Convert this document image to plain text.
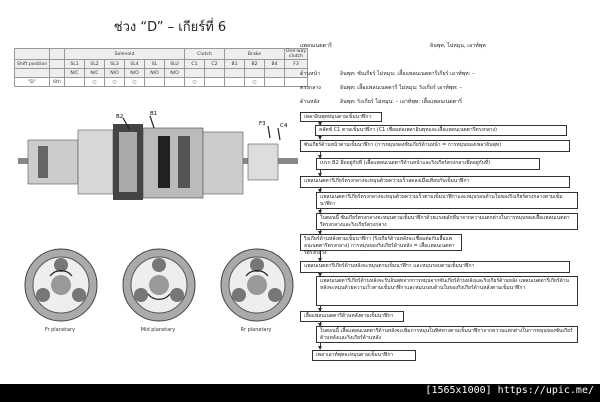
ช่วง “D” – เกียร์ที่ 6
		Solenoid						Clutch		Brake			One-way clutch
Shift position		SL1	SL2	SL3	SL4	SL	SLU	C1	C2	B1	B2	B4	F3
		N/C	N/C	N/O	N/O	N/O	N/O						
“D”	6th		○	○	○			○			○		
B2	B1
F3	C4
Fr planetary	Mid planetary	Rr planetary
แพลนเนตตารี	อินพุท, ไม่หมุน, เอาท์พุท
ด้านหน้า	อินพุท: ซันเกียร์ ไม่หมุน: เสื้อแพลนเนตตารีเกียร์ เอาท์พุท: –
ตรงกลาง	อินพุท: เสื้อแพลนเนตตารี ไม่หมุน: ริงเกียร์ เอาท์พุท: –
ด้านหลัง	อินพุท: ริงเกียร์ ไม่หมุน: – เอาท์พุท: เสื้อแพลนเนตตารี
เพลาอินพุทหมุนตามเข็มนาฬิกา
คลัตช์ C1 ตามเข็มนาฬิกา (C1 เชื่อมต่อเพลาอินพุทและเสื้อแพลนเนตตารีตรงกลาง)
ซันเกียร์ด้านหน้าตามเข็มนาฬิกา (การหมุนของซันเกียร์ด้านหน้า = การหมุนของเพลาอินพุท)
เบรก B2 ยึดอยู่กับที่ (เสื้อแพลนเนตตารีด้านหน้าและริงเกียร์ตรงกลางยึดอยู่กับที่)
แพลนเนตตารีเกียร์ตรงกลางจะหมุนด้วยความเร็วลดลงเมื่อเทียบกับเข็มนาฬิกา
แพลนเนตตารีเกียร์ตรงกลางจะหมุนด้วยความเร็วตามเข็มนาฬิกาและหมุนรอบด้านในของริงเกียร์ตรงกลางตามเข็มนาฬิกา
ในตอนนี้ ซันเกียร์ตรงกลางจะหมุนตามเข็มนาฬิกาด้วยแรงผลักที่มาจากความแตกต่างในการหมุนของเสื้อแพลนเนตตารีตรงกลางและริงเกียร์ตรงกลาง
ริงเกียร์ด้านหลังตามเข็มนาฬิกา (ริงเกียร์ด้านหลังจะเชื่อมต่อกับเสื้อแพลนเนตตารีตรงกลาง) การหมุนของริงเกียร์ด้านหลัง = เสื้อแพลนเนตตารีตรงกลาง
แพลนเนตตารีเกียร์ด้านหลังจะหมุนตามเข็มนาฬิกา และหมุนรอบตามเข็มนาฬิกา
แพลนเนตตารีเกียร์ด้านหลังจะรับอินพุทจากการหมุนจากซันเกียร์ด้านหลังและริงเกียร์ด้านหลัง แพลนเนตตารีเกียร์ด้านหลังจะหมุนด้วยความเร็วตามเข็มนาฬิกาและหมุนรอบด้านในของริงเกียร์ด้านหลังตามเข็มนาฬิกา
เสื้อแพลนเนตตารีด้านหลังตามเข็มนาฬิกา
ในตอนนี้ เสื้อแพลนเนตตารีด้านหลังจะเพิ่มการหมุนในทิศทางตามเข็มนาฬิกาจากความแตกต่างในการหมุนของซันเกียร์ด้านหลังและริงเกียร์ด้านหลัง
เพลาเอาท์พุทจะหมุนตามเข็มนาฬิกา
[1565x1000] https://upic.me/
